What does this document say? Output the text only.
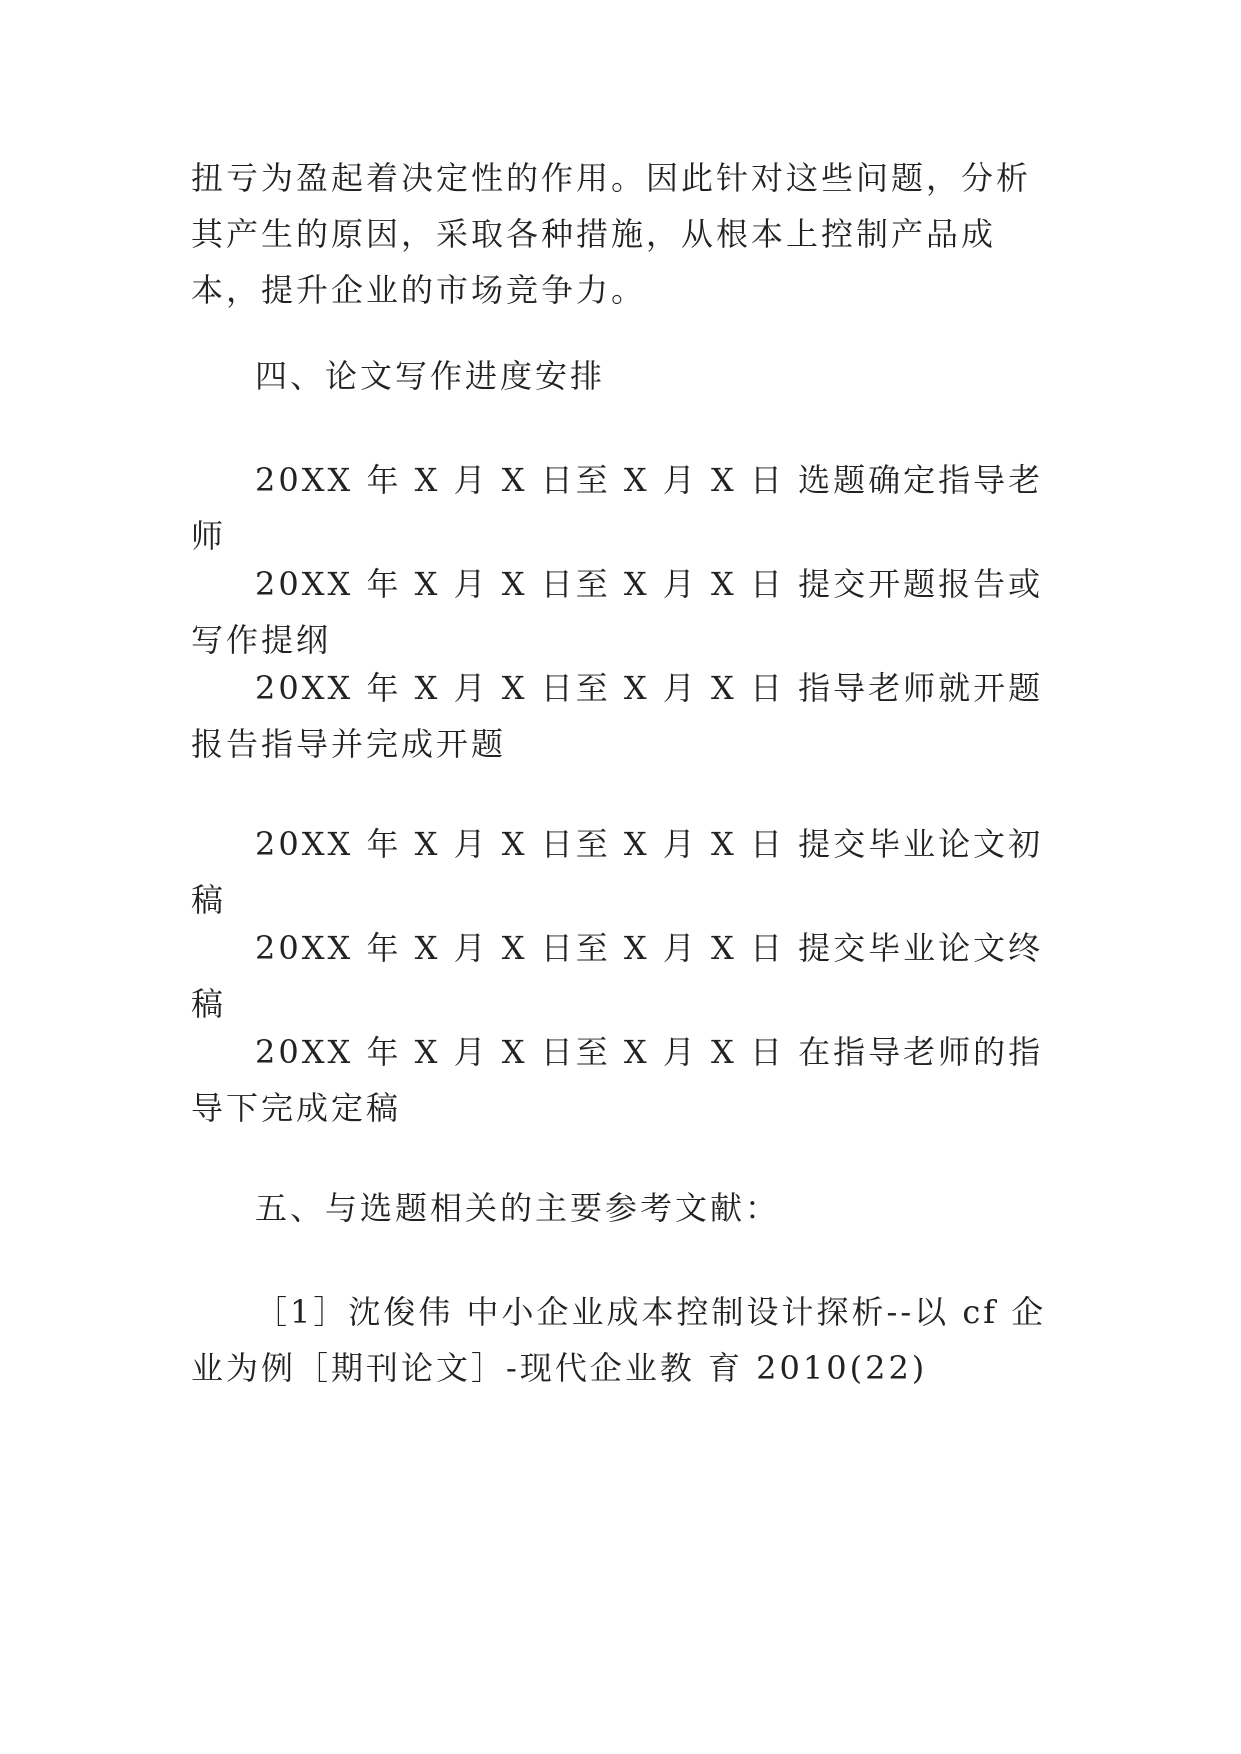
扭亏为盈起着决定性的作用。因此针对这些问题，分析其产生的原因，采取各种措施，从根本上控制产品成本，提升企业的市场竞争力。

四、论文写作进度安排

20XX 年 X 月 X 日至 X 月 X 日 选题确定指导老师

20XX 年 X 月 X 日至 X 月 X 日 提交开题报告或写作提纲

20XX 年 X 月 X 日至 X 月 X 日 指导老师就开题报告指导并完成开题

20XX 年 X 月 X 日至 X 月 X 日 提交毕业论文初稿

20XX 年 X 月 X 日至 X 月 X 日 提交毕业论文终稿

20XX 年 X 月 X 日至 X 月 X 日 在指导老师的指导下完成定稿

五、与选题相关的主要参考文献：

［1］沈俊伟 中小企业成本控制设计探析--以 cf 企业为例［期刊论文］-现代企业教 育 2010(22)
